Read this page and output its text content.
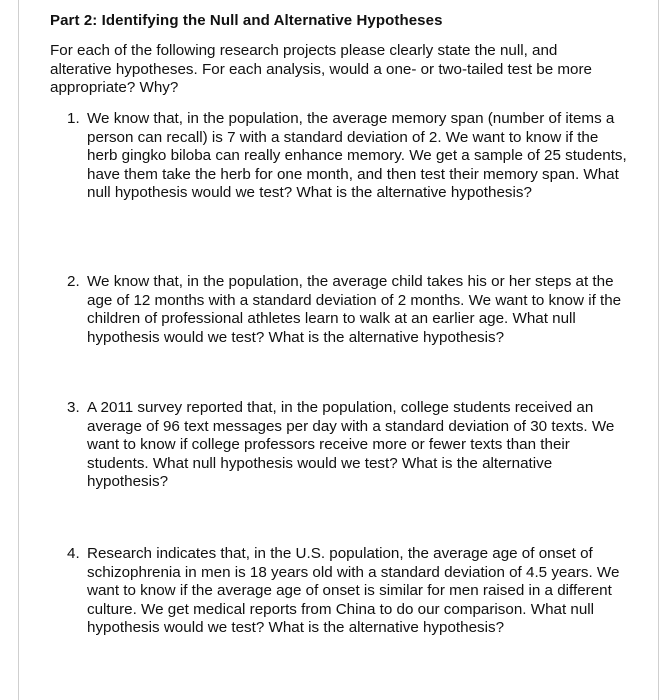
Part 2: Identifying the Null and Alternative Hypotheses
For each of the following research projects please clearly state the null, and alterative hypotheses. For each analysis, would a one- or two-tailed test be more appropriate? Why?
1. We know that, in the population, the average memory span (number of items a person can recall) is 7 with a standard deviation of 2. We want to know if the herb gingko biloba can really enhance memory. We get a sample of 25 students, have them take the herb for one month, and then test their memory span. What null hypothesis would we test? What is the alternative hypothesis?
2. We know that, in the population, the average child takes his or her steps at the age of 12 months with a standard deviation of 2 months. We want to know if the children of professional athletes learn to walk at an earlier age. What null hypothesis would we test? What is the alternative hypothesis?
3. A 2011 survey reported that, in the population, college students received an average of 96 text messages per day with a standard deviation of 30 texts. We want to know if college professors receive more or fewer texts than their students. What null hypothesis would we test? What is the alternative hypothesis?
4. Research indicates that, in the U.S. population, the average age of onset of schizophrenia in men is 18 years old with a standard deviation of 4.5 years. We want to know if the average age of onset is similar for men raised in a different culture. We get medical reports from China to do our comparison. What null hypothesis would we test? What is the alternative hypothesis?
